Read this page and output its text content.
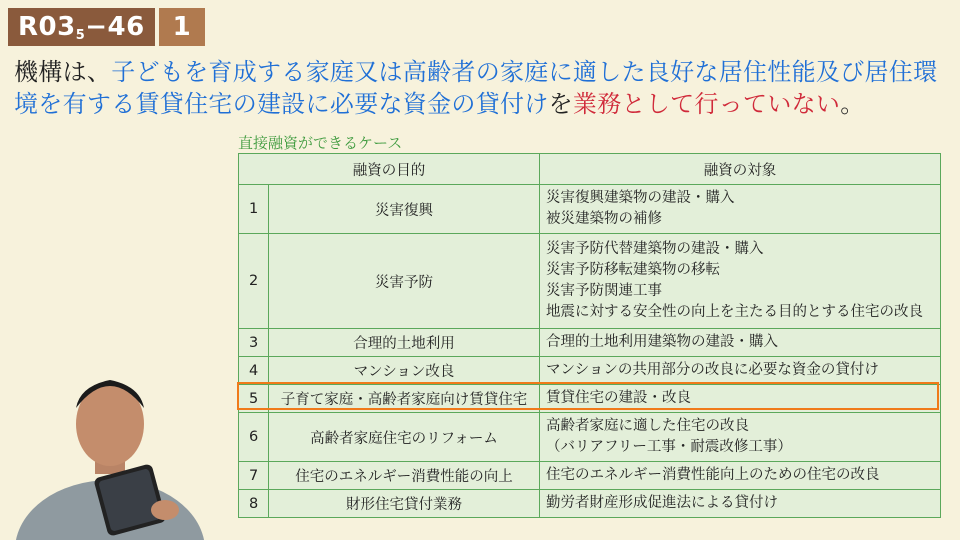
$R03_5-46$	1
機構は、子どもを育成する家庭又は高齢者の家庭に適した良好な居住性能及び居住環境を有する賃貸住宅の建設に必要な資金の貸付けを業務として行っていない。
直接融資ができるケース
融資の目的		融資の対象
1	災害復興	災害復興建築物の建設・購入
被災建築物の補修

2	災害予防	災害予防代替建築物の建設・購入
災害予防移転建築物の移転
災害予防関連工事
地震に対する安全性の向上を主たる目的とする住宅の改良

3	合理的土地利用	合理的土地利用建築物の建設・購入

4	マンション改良	マンションの共用部分の改良に必要な資金の貸付け

5	子育て家庭・高齢者家庭向け賃貸住宅	賃貸住宅の建設・改良

6	高齢者家庭住宅のリフォーム	高齢者家庭に適した住宅の改良
（バリアフリー工事・耐震改修工事）

7	住宅のエネルギー消費性能の向上	住宅のエネルギー消費性能向上のための住宅の改良

8	財形住宅貸付業務	勤労者財産形成促進法による貸付け
